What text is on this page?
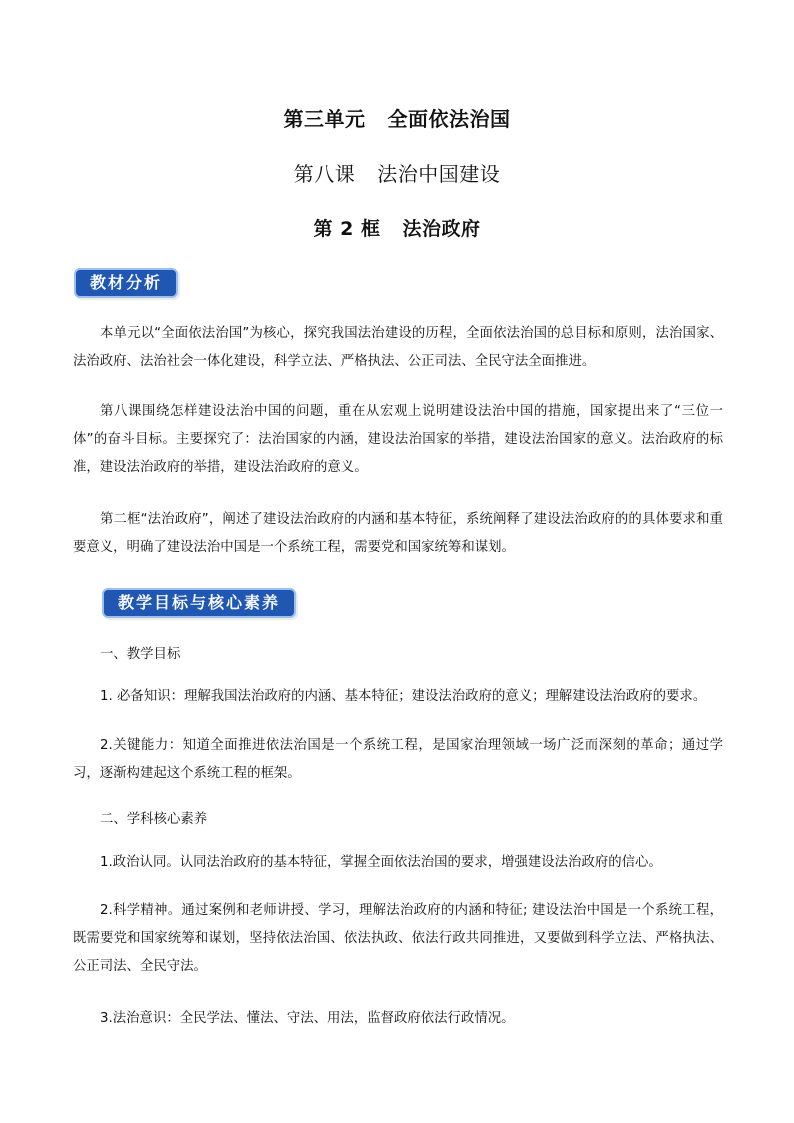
第三单元 全面依法治国
第八课 法治中国建设
第 2 框 法治政府
教材分析

本单元以“全面依法治国”为核心，探究我国法治建设的历程，全面依法治国的总目标和原则，法治国家、法治政府、法治社会一体化建设，科学立法、严格执法、公正司法、全民守法全面推进。

第八课围绕怎样建设法治中国的问题，重在从宏观上说明建设法治中国的措施，国家提出来了“三位一体”的奋斗目标。主要探究了：法治国家的内涵，建设法治国家的举措，建设法治国家的意义。法治政府的标准，建设法治政府的举措，建设法治政府的意义。

第二框“法治政府”，阐述了建设法治政府的内涵和基本特征，系统阐释了建设法治政府的的具体要求和重要意义，明确了建设法治中国是一个系统工程，需要党和国家统筹和谋划。

教学目标与核心素养

一、教学目标

1. 必备知识：理解我国法治政府的内涵、基本特征；建设法治政府的意义；理解建设法治政府的要求。

2.关键能力：知道全面推进依法治国是一个系统工程，是国家治理领域一场广泛而深刻的革命；通过学习，逐渐构建起这个系统工程的框架。

二、学科核心素养

1.政治认同。认同法治政府的基本特征，掌握全面依法治国的要求，增强建设法治政府的信心。

2.科学精神。通过案例和老师讲授、学习，理解法治政府的内涵和特征; 建设法治中国是一个系统工程，既需要党和国家统筹和谋划，坚持依法治国、依法执政、依法行政共同推进，又要做到科学立法、严格执法、公正司法、全民守法。

3.法治意识：全民学法、懂法、守法、用法，监督政府依法行政情况。
